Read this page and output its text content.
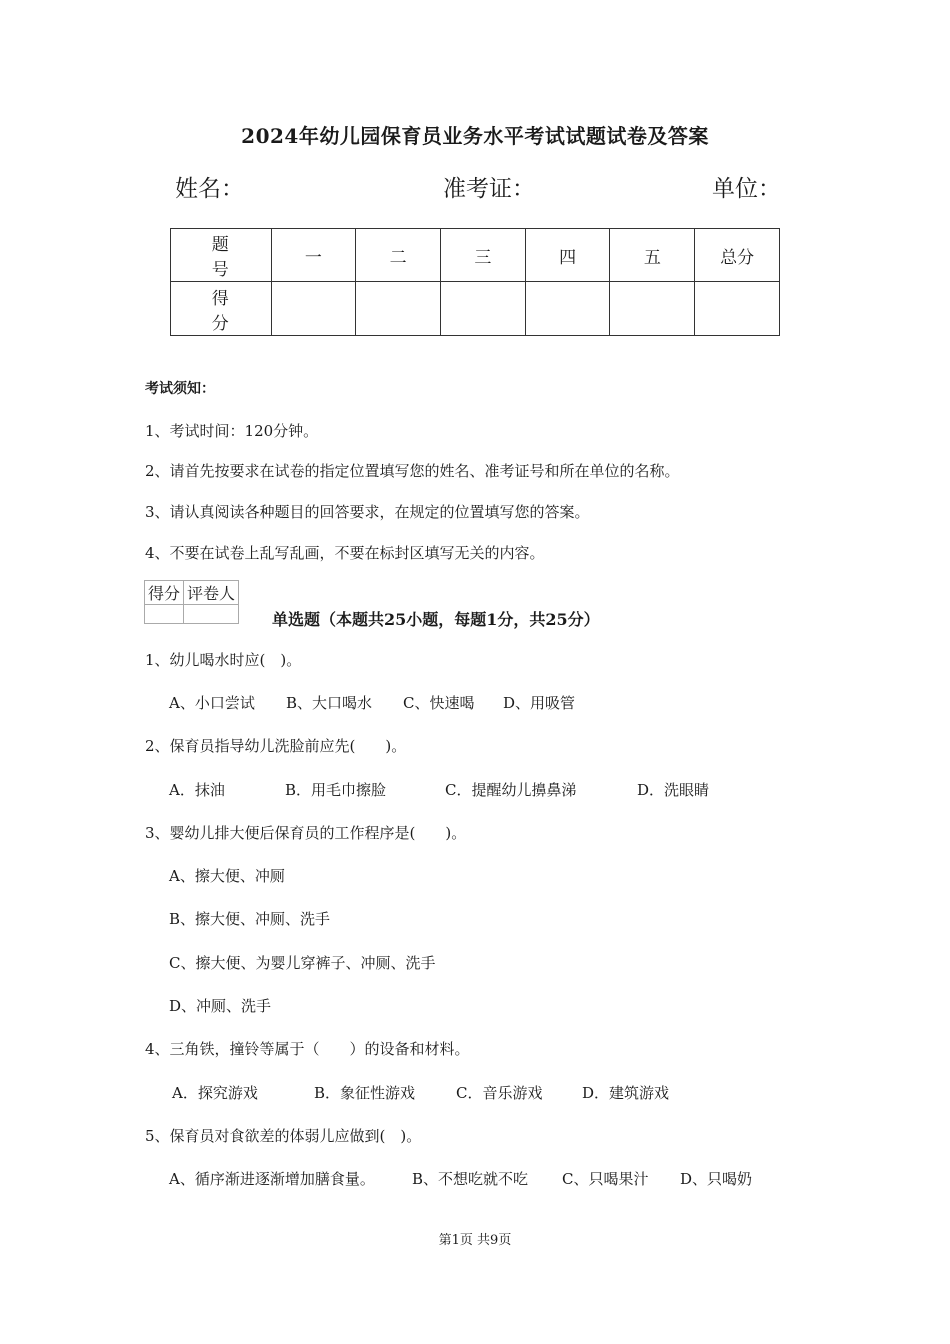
2024年幼儿园保育员业务水平考试试题试卷及答案
姓名：	准考证：	单位：
题　号	一	二	三	四	五	总分
得　分						
考试须知：
1、考试时间：120分钟。
2、请首先按要求在试卷的指定位置填写您的姓名、准考证号和所在单位的名称。
3、请认真阅读各种题目的回答要求，在规定的位置填写您的答案。
4、不要在试卷上乱写乱画，不要在标封区填写无关的内容。
得分	评卷人

单选题（本题共25小题，每题1分，共25分）
1、幼儿喝水时应(　)。
A、小口尝试 B、大口喝水 C、快速喝 D、用吸管
2、保育员指导幼儿洗脸前应先(　　)。
A．抹油	B．用毛巾擦脸	C．提醒幼儿擤鼻涕	D．洗眼睛
3、婴幼儿排大便后保育员的工作程序是(　　)。
A、擦大便、冲厕
B、擦大便、冲厕、洗手
C、擦大便、为婴儿穿裤子、冲厕、洗手
D、冲厕、洗手
4、三角铁，撞铃等属于（　　）的设备和材料。
A．探究游戏	B．象征性游戏	C．音乐游戏	D．建筑游戏
5、保育员对食欲差的体弱儿应做到(　)。
A、循序渐进逐渐增加膳食量。 B、不想吃就不吃 C、只喝果汁 D、只喝奶
第1页 共9页
